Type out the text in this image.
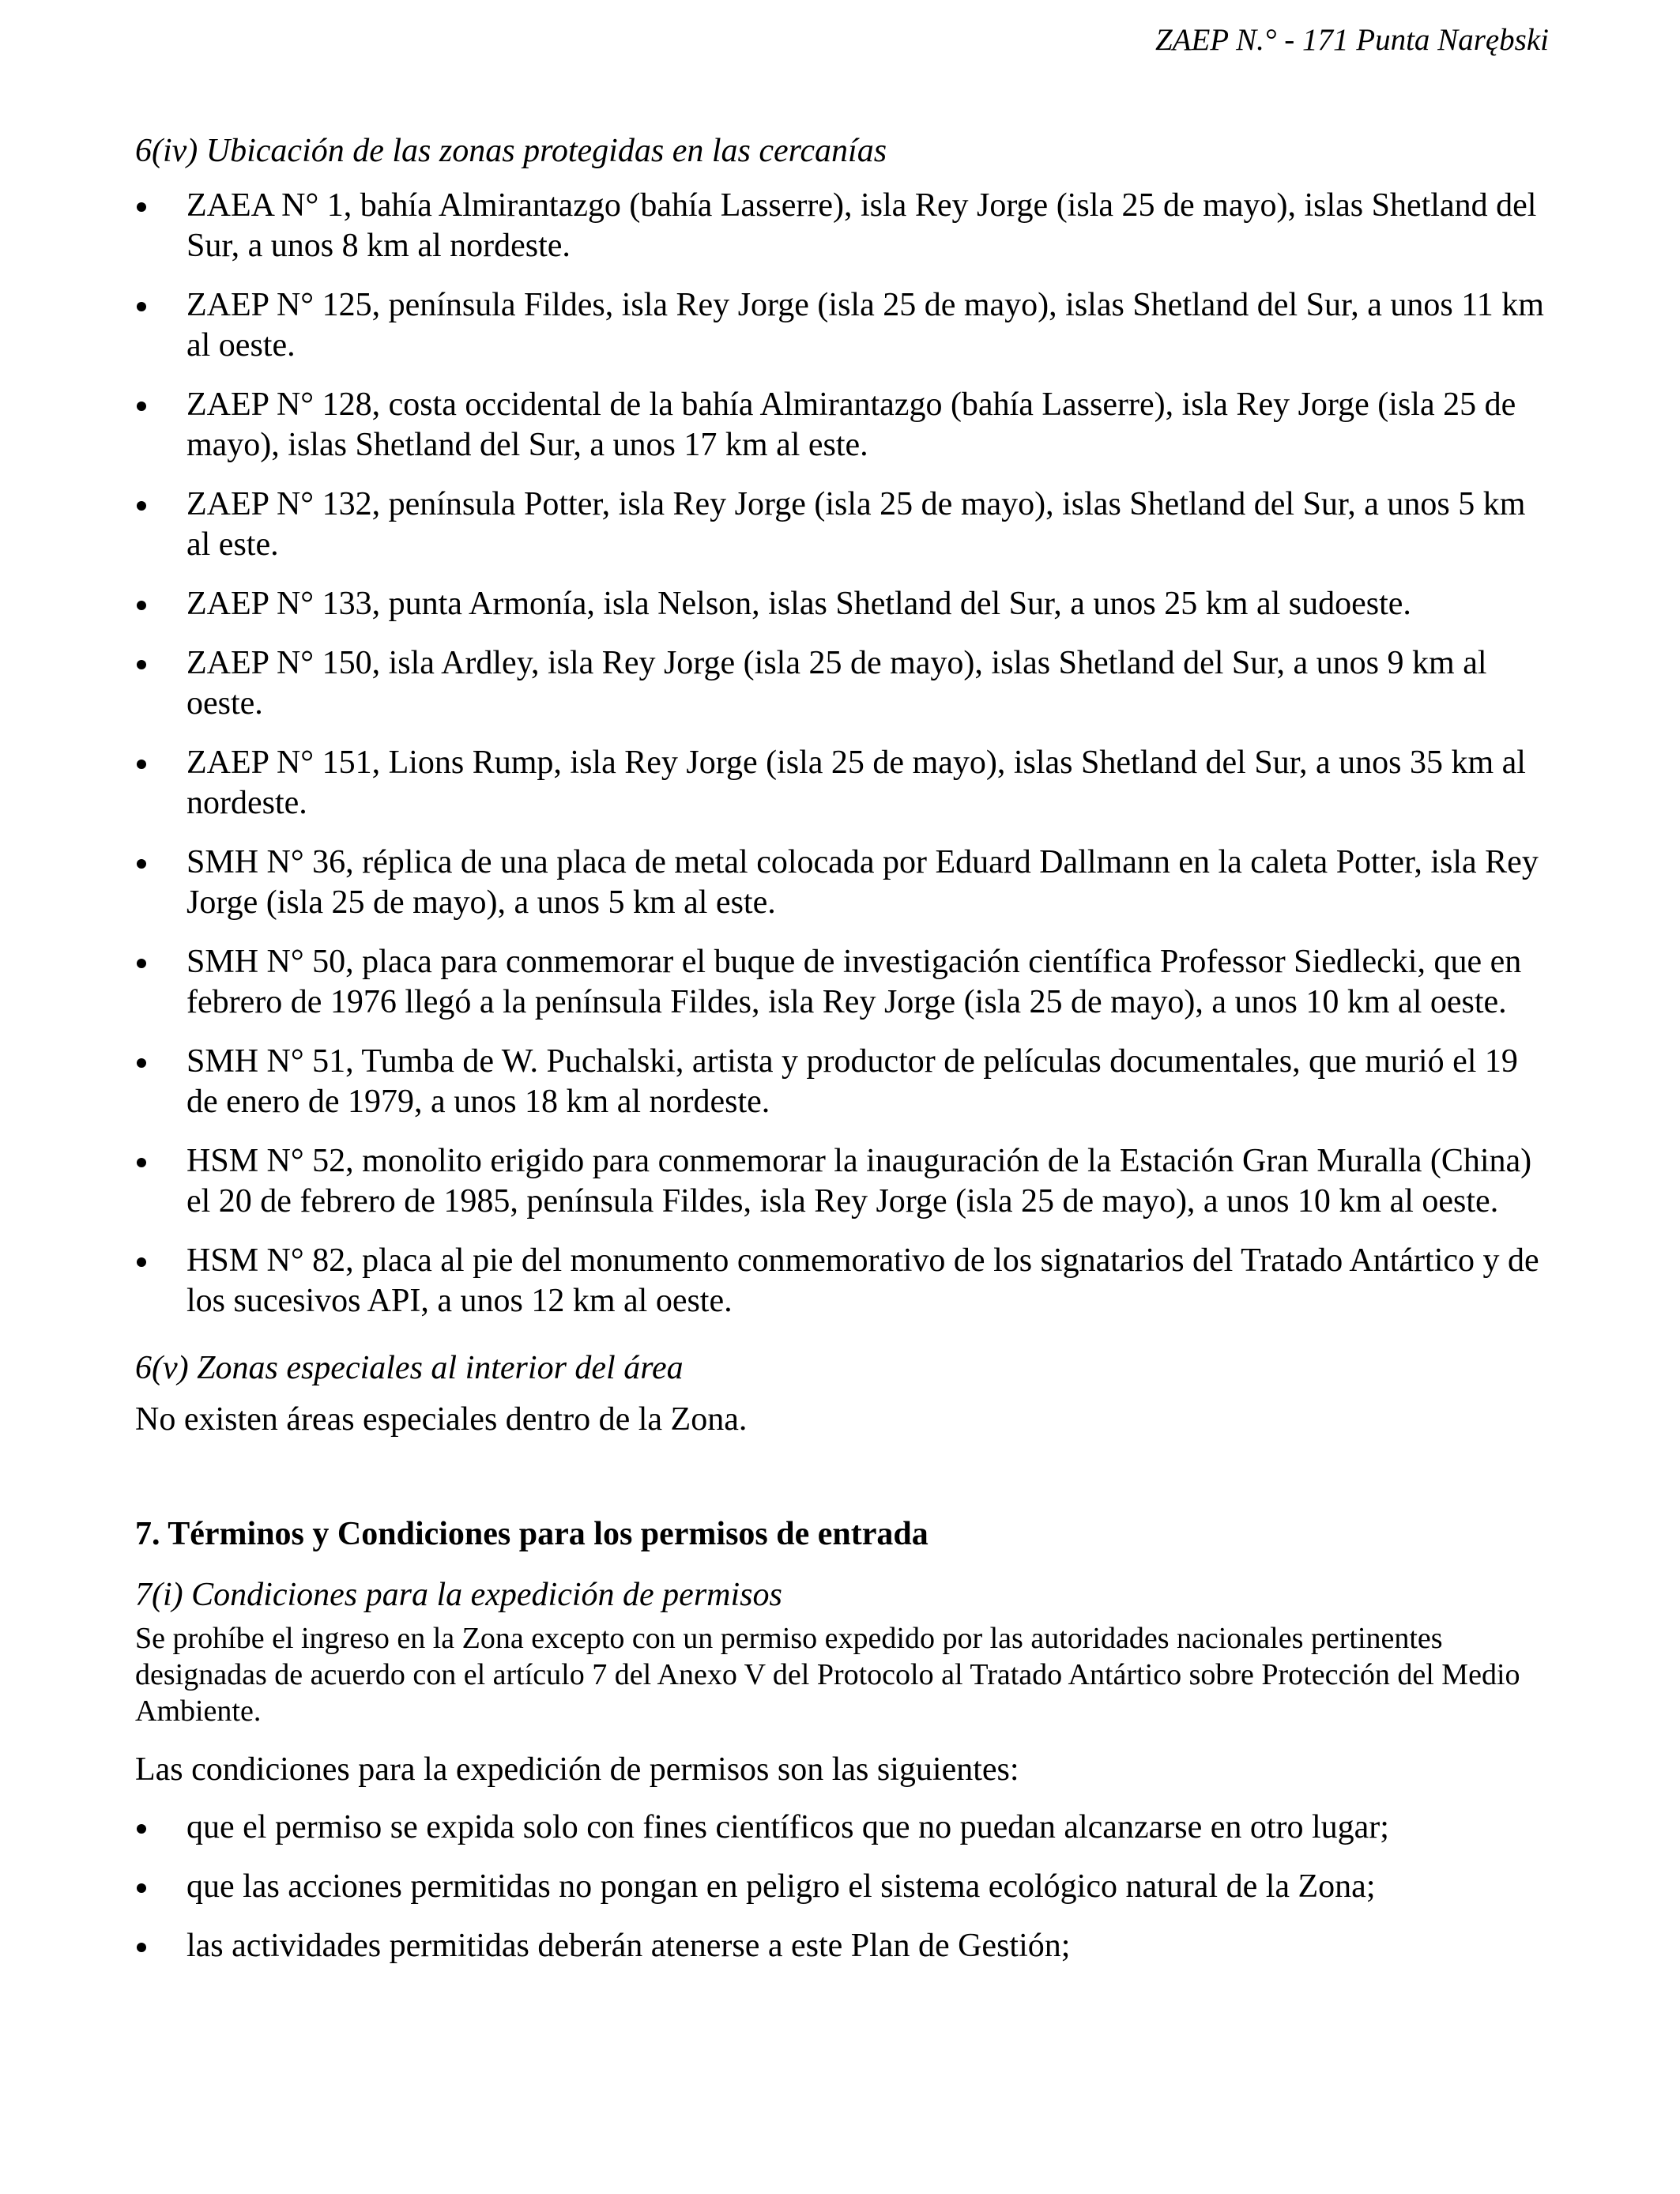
ZAEP N.° - 171 Punta Narębski
6(iv) Ubicación de las zonas protegidas en las cercanías
ZAEA N° 1, bahía Almirantazgo (bahía Lasserre), isla Rey Jorge (isla 25 de mayo), islas Shetland del Sur, a unos 8 km al nordeste.
ZAEP N° 125, península Fildes, isla Rey Jorge (isla 25 de mayo), islas Shetland del Sur, a unos 11 km al oeste.
ZAEP N° 128, costa occidental de la bahía Almirantazgo (bahía Lasserre), isla Rey Jorge (isla 25 de mayo), islas Shetland del Sur, a unos 17 km al este.
ZAEP N° 132, península Potter, isla Rey Jorge (isla 25 de mayo), islas Shetland del Sur, a unos 5 km al este.
ZAEP N° 133, punta Armonía, isla Nelson, islas Shetland del Sur, a unos 25 km al sudoeste.
ZAEP N° 150, isla Ardley, isla Rey Jorge (isla 25 de mayo), islas Shetland del Sur, a unos 9 km al oeste.
ZAEP N° 151, Lions Rump, isla Rey Jorge (isla 25 de mayo), islas Shetland del Sur, a unos 35 km al nordeste.
SMH N° 36, réplica de una placa de metal colocada por Eduard Dallmann en la caleta Potter, isla Rey Jorge (isla 25 de mayo), a unos 5 km al este.
SMH N° 50, placa para conmemorar el buque de investigación científica Professor Siedlecki, que en febrero de 1976 llegó a la península Fildes, isla Rey Jorge (isla 25 de mayo), a unos 10 km al oeste.
SMH N° 51, Tumba de W. Puchalski, artista y productor de películas documentales, que murió el 19 de enero de 1979, a unos 18 km al nordeste.
HSM N° 52, monolito erigido para conmemorar la inauguración de la Estación Gran Muralla (China) el 20 de febrero de 1985, península Fildes, isla Rey Jorge (isla 25 de mayo), a unos 10 km al oeste.
HSM N° 82, placa al pie del monumento conmemorativo de los signatarios del Tratado Antártico y de los sucesivos API, a unos 12 km al oeste.
6(v) Zonas especiales al interior del área

No existen áreas especiales dentro de la Zona.

7. Términos y Condiciones para los permisos de entrada

7(i) Condiciones para la expedición de permisos

Se prohíbe el ingreso en la Zona excepto con un permiso expedido por las autoridades nacionales pertinentes designadas de acuerdo con el artículo 7 del Anexo V del Protocolo al Tratado Antártico sobre Protección del Medio Ambiente.

Las condiciones para la expedición de permisos son las siguientes:

que el permiso se expida solo con fines científicos que no puedan alcanzarse en otro lugar;
que las acciones permitidas no pongan en peligro el sistema ecológico natural de la Zona;
las actividades permitidas deberán atenerse a este Plan de Gestión;
